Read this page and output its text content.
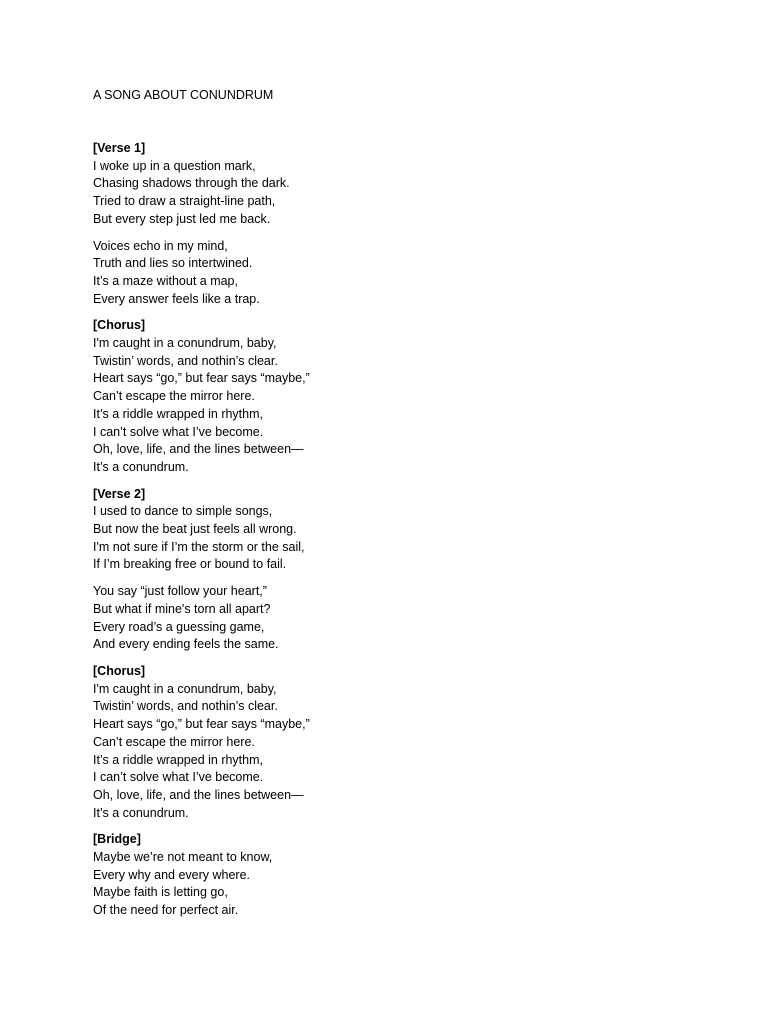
A SONG ABOUT CONUNDRUM
[Verse 1]
I woke up in a question mark,
Chasing shadows through the dark.
Tried to draw a straight-line path,
But every step just led me back.
Voices echo in my mind,
Truth and lies so intertwined.
It’s a maze without a map,
Every answer feels like a trap.
[Chorus]
I'm caught in a conundrum, baby,
Twistin’ words, and nothin’s clear.
Heart says “go,” but fear says “maybe,”
Can’t escape the mirror here.
It’s a riddle wrapped in rhythm,
I can’t solve what I’ve become.
Oh, love, life, and the lines between—
It’s a conundrum.
[Verse 2]
I used to dance to simple songs,
But now the beat just feels all wrong.
I'm not sure if I’m the storm or the sail,
If I’m breaking free or bound to fail.
You say “just follow your heart,”
But what if mine's torn all apart?
Every road’s a guessing game,
And every ending feels the same.
[Chorus]
I'm caught in a conundrum, baby,
Twistin’ words, and nothin’s clear.
Heart says “go,” but fear says “maybe,”
Can’t escape the mirror here.
It’s a riddle wrapped in rhythm,
I can’t solve what I’ve become.
Oh, love, life, and the lines between—
It’s a conundrum.
[Bridge]
Maybe we’re not meant to know,
Every why and every where.
Maybe faith is letting go,
Of the need for perfect air.
